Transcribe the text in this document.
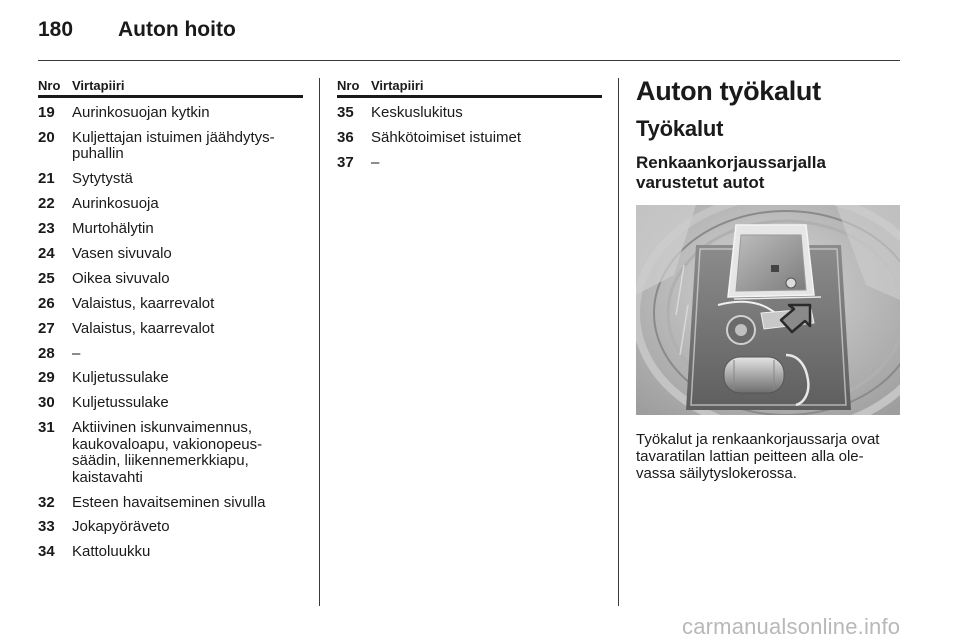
180	Auton hoito
Nro Virtapiiri
19	Aurinkosuojan kytkin
20	Kuljettajan istuimen jäähdytys-puhallin
21	Sytytystä
22	Aurinkosuoja
23	Murtohälytin
24	Vasen sivuvalo
25	Oikea sivuvalo
26	Valaistus, kaarrevalot
27	Valaistus, kaarrevalot
28	–
29	Kuljetussulake
30	Kuljetussulake
31	Aktiivinen iskunvaimennus, kaukovaloapu, vakionopeus-säädin, liikennemerkkiapu, kaistavahti
32	Esteen havaitseminen sivulla
33	Jokapyöräveto
34	Kattoluukku
Nro Virtapiiri
35	Keskuslukitus
36	Sähkötoimiset istuimet
37	–
Auton työkalut
Työkalut
Renkaankorjaussarjalla varustetut autot
Työkalut ja renkaankorjaussarja ovat tavaratilan lattian peitteen alla ole-vassa säilytyslokerossa.
carmanualsonline.info
